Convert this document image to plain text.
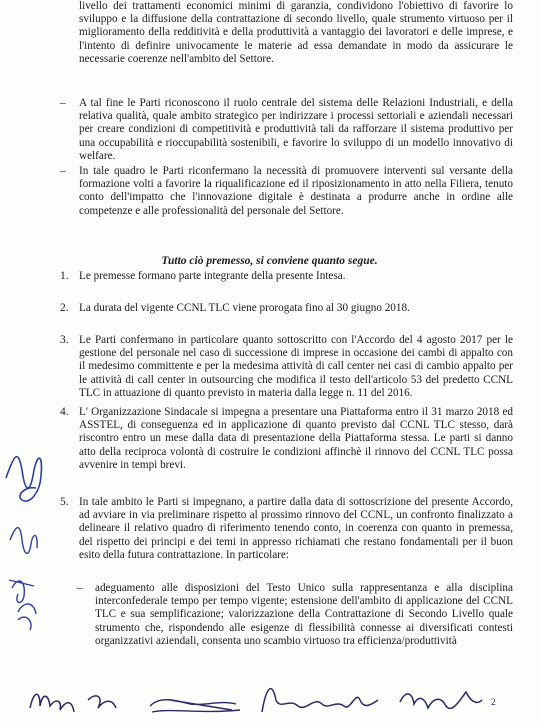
livello dei trattamenti economici minimi di garanzia, condividono l'obiettivo di favorire lo sviluppo e la diffusione della contrattazione di secondo livello, quale strumento virtuoso per il miglioramento della redditività e della produttività a vantaggio dei lavoratori e delle imprese, e l'intento di definire univocamente le materie ad essa demandate in modo da assicurare le necessarie coerenze nell'ambito del Settore.

– A tal fine le Parti riconoscono il ruolo centrale del sistema delle Relazioni Industriali, e della relativa qualità, quale ambito strategico per indirizzare i processi settoriali e aziendali necessari per creare condizioni di competitività e produttività tali da rafforzare il sistema produttivo per una occupabilità e rioccupabilità sostenibili, e favorire lo sviluppo di un modello innovativo di welfare.

– In tale quadro le Parti riconfermano la necessità di promuovere interventi sul versante della formazione volti a favorire la riqualificazione ed il riposizionamento in atto nella Filiera, tenuto conto dell'impatto che l'innovazione digitale è destinata a produrre anche in ordine alle competenze e alle professionalità del personale del Settore.

Tutto ciò premesso, si conviene quanto segue.
1. Le premesse formano parte integrante della presente Intesa.

2. La durata del vigente CCNL TLC viene prorogata fino al 30 giugno 2018.

3. Le Parti confermano in particolare quanto sottoscritto con l'Accordo del 4 agosto 2017 per le gestione del personale nel caso di successione di imprese in occasione dei cambi di appalto con il medesimo committente e per la medesima attività di call center nei casi di cambio appalto per le attività di call center in outsourcing che modifica il testo dell'articolo 53 del predetto CCNL TLC in attuazione di quanto previsto in materia dalla legge n. 11 del 2016.

4. L' Organizzazione Sindacale si impegna a presentare una Piattaforma entro il 31 marzo 2018 ed ASSTEL, di conseguenza ed in applicazione di quanto previsto dal CCNL TLC stesso, darà riscontro entro un mese dalla data di presentazione della Piattaforma stessa. Le parti si danno atto della reciproca volontà di costruire le condizioni affinchè il rinnovo del CCNL TLC possa avvenire in tempi brevi.

5. In tale ambito le Parti si impegnano, a partire dalla data di sottoscrizione del presente Accordo, ad avviare in via preliminare rispetto al prossimo rinnovo del CCNL, un confronto finalizzato a delineare il relativo quadro di riferimento tenendo conto, in coerenza con quanto in premessa, del rispetto dei principi e dei temi in appresso richiamati che restano fondamentali per il buon esito della futura contrattazione. In particolare:

– adeguamento alle disposizioni del Testo Unico sulla rappresentanza e alla disciplina interconfederale tempo per tempo vigente; estensione dell'ambito di applicazione del CCNL TLC e sua semplificazione; valorizzazione della Contrattazione di Secondo Livello quale strumento che, rispondendo alle esigenze di flessibilità connesse ai diversificati contesti organizzativi aziendali, consenta uno scambio virtuoso tra efficienza/produttività

2
